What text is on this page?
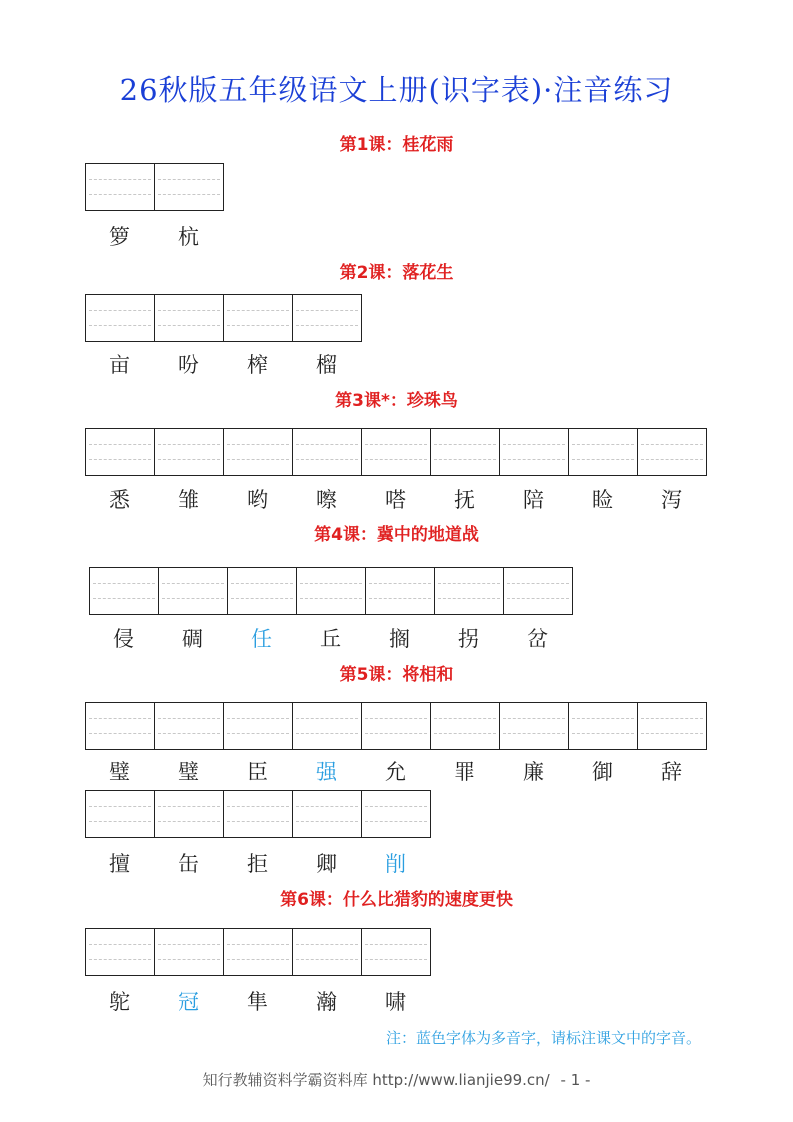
26秋版五年级语文上册(识字表)·注音练习
第1课：桂花雨
箩	杭
第2课：落花生
亩	吩	榨	榴
第3课*：珍珠鸟
悉	雏	哟	嚓	嗒	抚	陪	睑	泻
第4课：冀中的地道战
侵	碉	任	丘	搁	拐	岔
第5课：将相和
璧	璧	臣	强	允	罪	廉	御	辞
擅	缶	拒	卿	削
第6课：什么比猎豹的速度更快
鸵	冠	隼	瀚	啸
注：蓝色字体为多音字，请标注课文中的字音。
知行教辅资料学霸资料库 http://www.lianjie99.cn/ - 1 -
